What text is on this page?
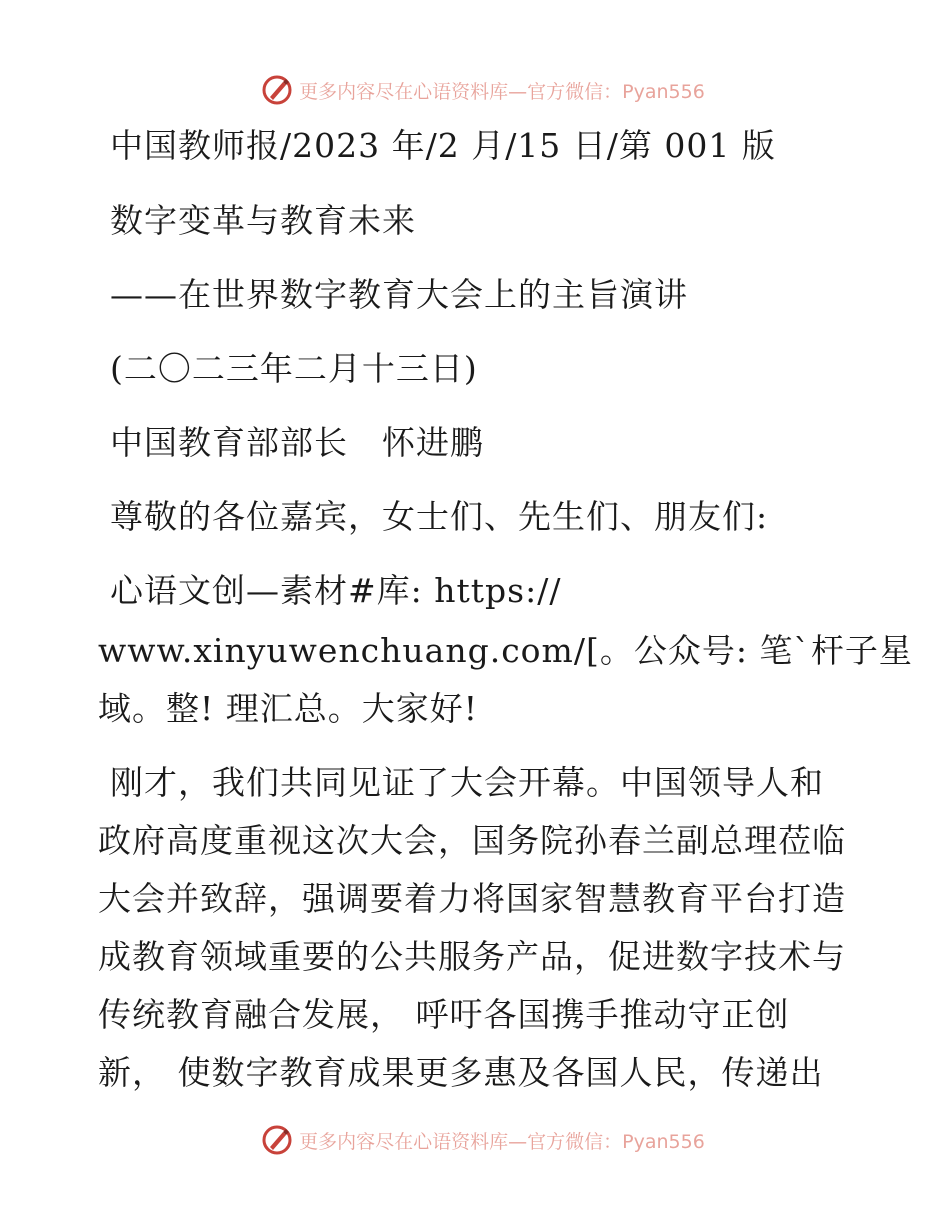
更多内容尽在心语资料库—官方微信：Pyan556
中国教师报/2023 年/2 月/15 日/第 001 版
数字变革与教育未来
——在世界数字教育大会上的主旨演讲
(二〇二三年二月十三日)
中国教育部部长　怀进鹏
尊敬的各位嘉宾，女士们、先生们、朋友们:
心语文创—素材#库: https://
www.xinyuwenchuang.com/[。公众号: 笔`杆子星
域。整! 理汇总。大家好!
刚才，我们共同见证了大会开幕。中国领导人和
政府高度重视这次大会，国务院孙春兰副总理莅临
大会并致辞，强调要着力将国家智慧教育平台打造
成教育领域重要的公共服务产品，促进数字技术与
传统教育融合发展， 呼吁各国携手推动守正创
新， 使数字教育成果更多惠及各国人民，传递出
更多内容尽在心语资料库—官方微信：Pyan556
